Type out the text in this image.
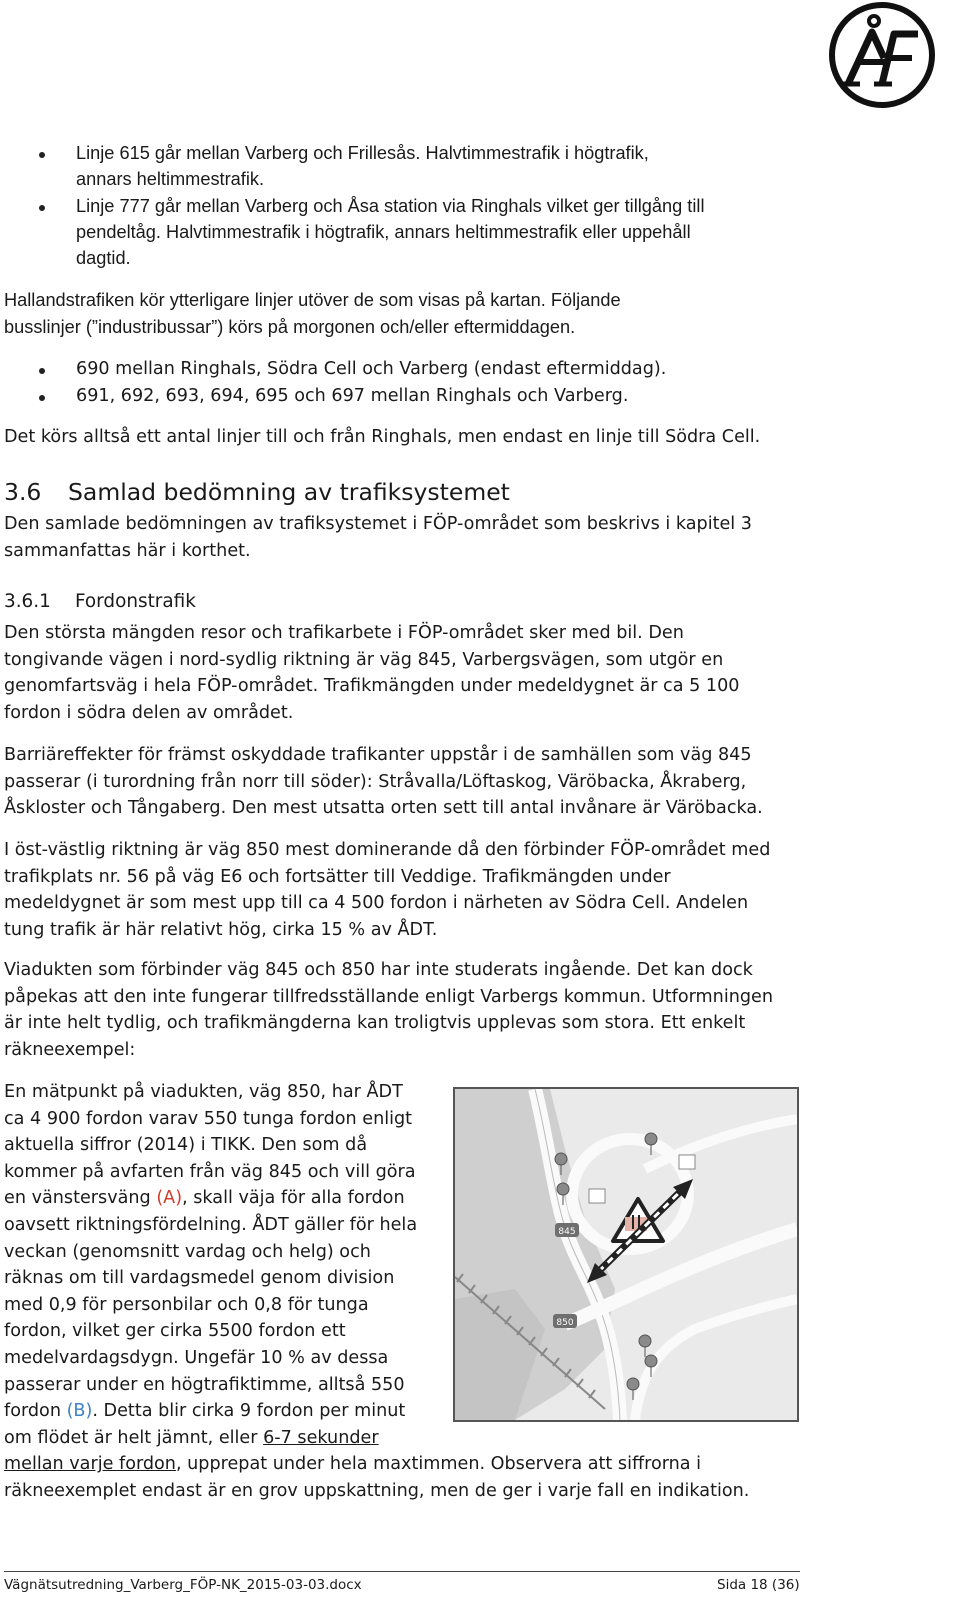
Linje 615 går mellan Varberg och Frillesås. Halvtimmestrafik i högtrafik,
annars heltimmestrafik.
Linje 777 går mellan Varberg och Åsa station via Ringhals vilket ger tillgång till
pendeltåg. Halvtimmestrafik i högtrafik, annars heltimmestrafik eller uppehåll
dagtid.

Hallandstrafiken kör ytterligare linjer utöver de som visas på kartan. Följande
busslinjer (”industribussar”) körs på morgonen och/eller eftermiddagen.

690 mellan Ringhals, Södra Cell och Varberg (endast eftermiddag).
691, 692, 693, 694, 695 och 697 mellan Ringhals och Varberg.

Det körs alltså ett antal linjer till och från Ringhals, men endast en linje till Södra Cell.

3.6 Samlad bedömning av trafiksystemet

Den samlade bedömningen av trafiksystemet i FÖP-området som beskrivs i kapitel 3
sammanfattas här i korthet.

3.6.1 Fordonstrafik

Den största mängden resor och trafikarbete i FÖP-området sker med bil. Den
tongivande vägen i nord-sydlig riktning är väg 845, Varbergsvägen, som utgör en
genomfartsväg i hela FÖP-området. Trafikmängden under medeldygnet är ca 5 100
fordon i södra delen av området.

Barriäreffekter för främst oskyddade trafikanter uppstår i de samhällen som väg 845
passerar (i turordning från norr till söder): Stråvalla/Löftaskog, Väröbacka, Åkraberg,
Åskloster och Tångaberg. Den mest utsatta orten sett till antal invånare är Väröbacka.

I öst-västlig riktning är väg 850 mest dominerande då den förbinder FÖP-området med
trafikplats nr. 56 på väg E6 och fortsätter till Veddige. Trafikmängden under
medeldygnet är som mest upp till ca 4 500 fordon i närheten av Södra Cell. Andelen
tung trafik är här relativt hög, cirka 15 % av ÅDT.

Viadukten som förbinder väg 845 och 850 har inte studerats ingående. Det kan dock
påpekas att den inte fungerar tillfredsställande enligt Varbergs kommun. Utformningen
är inte helt tydlig, och trafikmängderna kan troligtvis upplevas som stora. Ett enkelt
räkneexempel:

En mätpunkt på viadukten, väg 850, har ÅDT
ca 4 900 fordon varav 550 tunga fordon enligt
aktuella siffror (2014) i TIKK. Den som då
kommer på avfarten från väg 845 och vill göra
en vänstersväng (A), skall väja för alla fordon
oavsett riktningsfördelning. ÅDT gäller för hela
veckan (genomsnitt vardag och helg) och
räknas om till vardagsmedel genom division
med 0,9 för personbilar och 0,8 för tunga
fordon, vilket ger cirka 5500 fordon ett
medelvardagsdygn. Ungefär 10 % av dessa
passerar under en högtrafiktimme, alltså 550
fordon (B). Detta blir cirka 9 fordon per minut
om flödet är helt jämnt, eller 6-7 sekunder
mellan varje fordon, upprepat under hela maxtimmen. Observera att siffrorna i
räkneexemplet endast är en grov uppskattning, men de ger i varje fall en indikation.

845
850
Vägnätsutredning_Varberg_FÖP-NK_2015-03-03.docx	Sida 18 (36)
